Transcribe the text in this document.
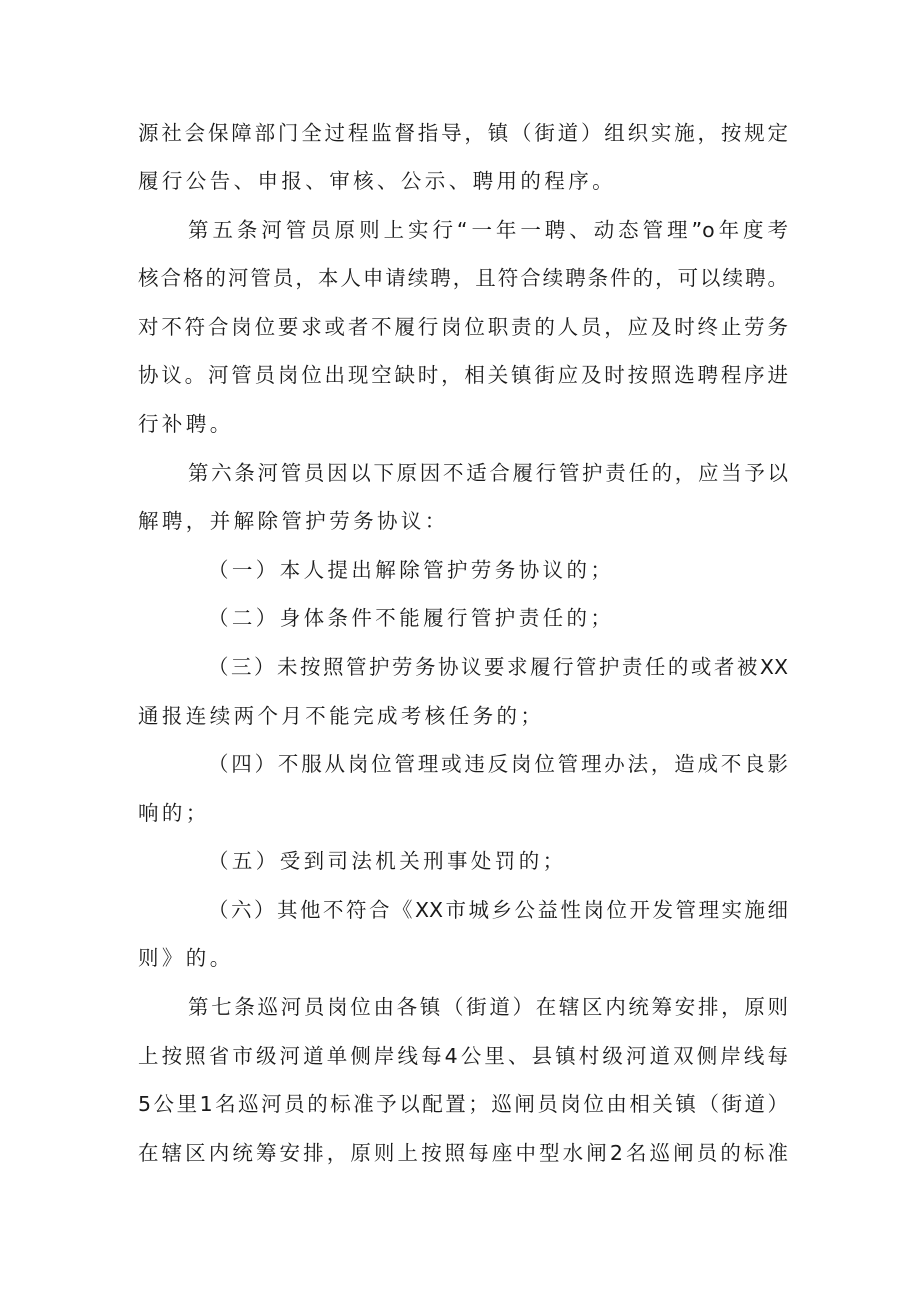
源社会保障部门全过程监督指导，镇（街道）组织实施，按规定

履行公告、申报、审核、公示、聘用的程序。

第五条河管员原则上实行“一年一聘、动态管理”o年度考

核合格的河管员，本人申请续聘，且符合续聘条件的，可以续聘。

对不符合岗位要求或者不履行岗位职责的人员，应及时终止劳务

协议。河管员岗位出现空缺时，相关镇街应及时按照选聘程序进

行补聘。

第六条河管员因以下原因不适合履行管护责任的，应当予以

解聘，并解除管护劳务协议：

（一）本人提出解除管护劳务协议的；

（二）身体条件不能履行管护责任的；

（三）未按照管护劳务协议要求履行管护责任的或者被XX

通报连续两个月不能完成考核任务的；

（四）不服从岗位管理或违反岗位管理办法，造成不良影

响的；

（五）受到司法机关刑事处罚的；

（六）其他不符合《XX市城乡公益性岗位开发管理实施细

则》的。

第七条巡河员岗位由各镇（街道）在辖区内统筹安排，原则

上按照省市级河道单侧岸线每4公里、县镇村级河道双侧岸线每

5公里1名巡河员的标准予以配置；巡闸员岗位由相关镇（街道）

在辖区内统筹安排，原则上按照每座中型水闸2名巡闸员的标准
